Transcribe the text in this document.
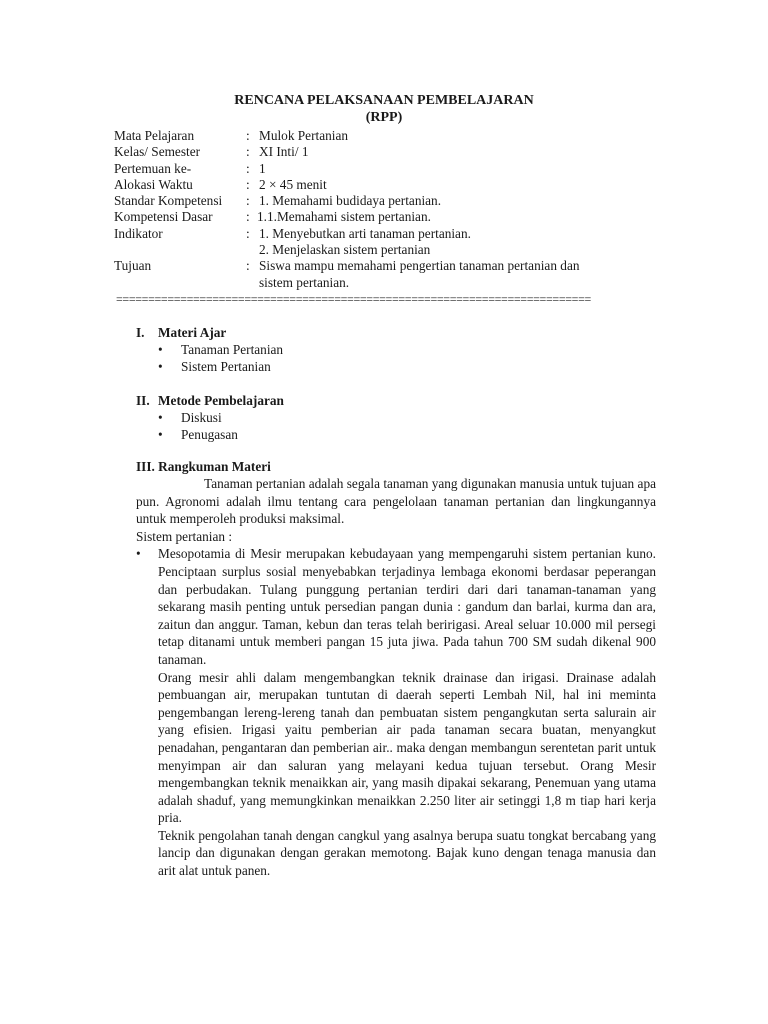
RENCANA PELAKSANAAN PEMBELAJARAN
(RPP)
Mata Pelajaran	: Mulok Pertanian
Kelas/ Semester	: XI Inti/ 1
Pertemuan ke-	: 1
Alokasi Waktu	: 2 × 45 menit
Standar Kompetensi : 1. Memahami budidaya pertanian.
Kompetensi Dasar	: 1.1.Memahami sistem pertanian.
Indikator	: 1. Menyebutkan arti tanaman pertanian.
2. Menjelaskan sistem pertanian
Tujuan	: Siswa mampu memahami pengertian tanaman pertanian dan
sistem pertanian.
==========================================================================
I. Materi Ajar
• Tanaman Pertanian
• Sistem Pertanian
II. Metode Pembelajaran
• Diskusi
• Penugasan
III. Rangkuman Materi

Tanaman pertanian adalah segala tanaman yang digunakan manusia untuk tujuan apa pun. Agronomi adalah ilmu tentang cara pengelolaan tanaman pertanian dan lingkungannya untuk memperoleh produksi maksimal.

Sistem pertanian :

• Mesopotamia di Mesir merupakan kebudayaan yang mempengaruhi sistem pertanian kuno. Penciptaan surplus sosial menyebabkan terjadinya lembaga ekonomi berdasar peperangan dan perbudakan. Tulang punggung pertanian terdiri dari dari tanaman-tanaman yang sekarang masih penting untuk persedian pangan dunia : gandum dan barlai, kurma dan ara, zaitun dan anggur. Taman, kebun dan teras telah beririgasi. Areal seluar 10.000 mil persegi tetap ditanami untuk memberi pangan 15 juta jiwa. Pada tahun 700 SM sudah dikenal 900 tanaman.

Orang mesir ahli dalam mengembangkan teknik drainase dan irigasi. Drainase adalah pembuangan air, merupakan tuntutan di daerah seperti Lembah Nil, hal ini meminta pengembangan lereng-lereng tanah dan pembuatan sistem pengangkutan serta salurain air yang efisien. Irigasi yaitu pemberian air pada tanaman secara buatan, menyangkut penadahan, pengantaran dan pemberian air.. maka dengan membangun serentetan parit untuk menyimpan air dan saluran yang melayani kedua tujuan tersebut. Orang Mesir mengembangkan teknik menaikkan air, yang masih dipakai sekarang, Penemuan yang utama adalah shaduf, yang memungkinkan menaikkan 2.250 liter air setinggi 1,8 m tiap hari kerja pria.

Teknik pengolahan tanah dengan cangkul yang asalnya berupa suatu tongkat bercabang yang lancip dan digunakan dengan gerakan memotong. Bajak kuno dengan tenaga manusia dan arit alat untuk panen.
